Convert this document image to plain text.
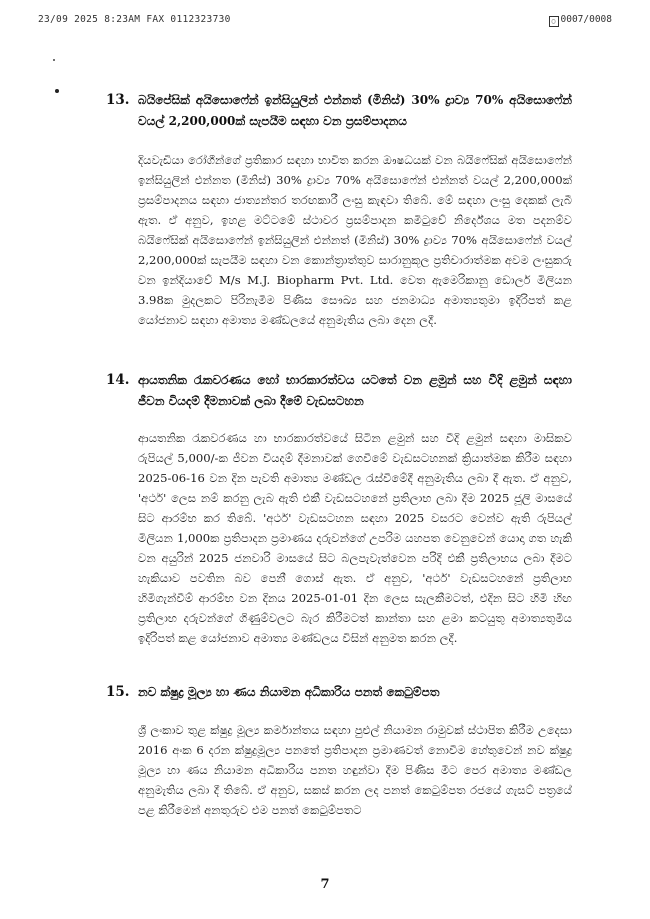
23/09 2025 8:23AM FAX 0112323730	▢ 0007/0008
13. බයිපේසික් අයිසොෆේන් ඉන්සියුලින් එන්නත් (මිනිස්) 30% ද්‍රාව්‍ය 70% අයිසොෆේන් වයල් 2,200,000ක් සැපයීම සඳහා වන ප්‍රසම්පාදනය
දියවැඩියා රෝගීන්ගේ ප්‍රතිකාර සඳහා භාවිත කරන ඖෂධයක් වන බයිෆේසික් අයිසොෆේන් ඉන්සියුලින් එන්නත (මිනිස්) 30% ද්‍රාව්‍ය 70% අයිසොෆේන් එන්නත් වයල් 2,200,000ක් ප්‍රසම්පාදනය සඳහා ජාත්‍යන්තර තරඟකාරී ලංසු කැඳවා තිබේ. මේ සඳහා ලංසු දෙකක් ලැබී ඇත. ඒ අනුව, ඉහළ මට්ටමේ ස්ථාවර ප්‍රසම්පාදන කමිටුවේ නිර්දේශය මත පදනම්ව බයිෆේසික් අයිසොෆේන් ඉන්සියුලින් එන්නත් (මිනිස්) 30% ද්‍රාව්‍ය 70% අයිසොෆේන් වයල් 2,200,000ක් සැපයීම සඳහා වන කොන්ත්‍රාත්තුව සාරානුකූල ප්‍රතිචාරාත්මක අවම ලංසුකරු වන ඉන්දියාවේ M/s M.J. Biopharm Pvt. Ltd. වෙත ඇමෙරිකානු ඩොලර් මිලියන 3.98ක මුදලකට පිරිනැමීම පිණිස සෞඛ්‍ය සහ ජනමාධ්‍ය අමාත්‍යතුමා ඉදිරිපත් කළ යෝජනාව සඳහා අමාත්‍ය මණ්ඩලයේ අනුමැතිය ලබා දෙන ලදී.
14. ආයතනික රැකවරණය හෝ භාරකාරත්වය යටතේ වන ළමුන් සහ වීදි ළමුන් සඳහා ජීවන වියදම් දීමනාවක් ලබා දීමේ වැඩසටහන
ආයතනික රැකවරණය හා භාරකාරත්වයේ සිටින ළමුන් සහ වීදි ළමුන් සඳහා මාසිකව රුපියල් 5,000/-ක ජීවන වියදම් දීමනාවක් ගෙවීමේ වැඩසටහනක් ක්‍රියාත්මක කිරීම සඳහා 2025-06-16 වන දින පැවති අමාත්‍ය මණ්ඩල රැස්වීමේදී අනුමැතිය ලබා දී ඇත. ඒ අනුව, 'අර්ථ' ලෙස නම් කරනු ලැබ ඇති එකී වැඩසටහනේ ප්‍රතිලාභ ලබා දීම 2025 ජූලි මාසයේ සිට ආරම්භ කර තිබේ. 'අර්ථ' වැඩසටහන සඳහා 2025 වසරට වෙන්ව ඇති රුපියල් මිලියන 1,000ක ප්‍රතිපාදන ප්‍රමාණය දරුවන්ගේ උපරිම යහපත වෙනුවෙන් යොදා ගත හැකි වන අයුරින් 2025 ජනවාරි මාසයේ සිට බලපැවැත්වෙන පරිදි එකී ප්‍රතිලාභය ලබා දීමට හැකියාව පවතින බව පෙනී ගොස් ඇත. ඒ අනුව, 'අර්ථ' වැඩසටහනේ ප්‍රතිලාභ හිමිගැන්වීම් ආරම්භ වන දිනය 2025-01-01 දින ලෙස සැලකීමටත්, එදින සිට හිමි හිඟ ප්‍රතිලාභ දරුවන්ගේ ගිණුම්වලට බැර කිරීමටත් කාන්තා සහ ළමා කටයුතු අමාත්‍යතුමිය ඉදිරිපත් කළ යෝජනාව අමාත්‍ය මණ්ඩලය විසින් අනුමත කරන ලදී.
15. නව ක්ෂුද්‍ර මූල්‍ය හා ණය නියාමන අධිකාරිය පනත් කෙටුම්පත
ශ්‍රී ලංකාව තුළ ක්ෂුද්‍ර මූල්‍ය කර්මාන්තය සඳහා පුළුල් නියාමන රාමුවක් ස්ථාපිත කිරීම උදෙසා 2016 අංක 6 දරන ක්ෂුද්‍රමූල්‍ය පනතේ ප්‍රතිපාදන ප්‍රමාණවත් නොවීම හේතුවෙන් නව ක්ෂුද්‍ර මූල්‍ය හා ණය නියාමන අධිකාරිය පනත හඳුන්වා දීම පිණිස මීට පෙර අමාත්‍ය මණ්ඩල අනුමැතිය ලබා දී තිබේ. ඒ අනුව, සකස් කරන ලද පනත් කෙටුම්පත රජයේ ගැසට් පත්‍රයේ පළ කිරීමෙන් අනතුරුව එම පනත් කෙටුම්පතට
7
